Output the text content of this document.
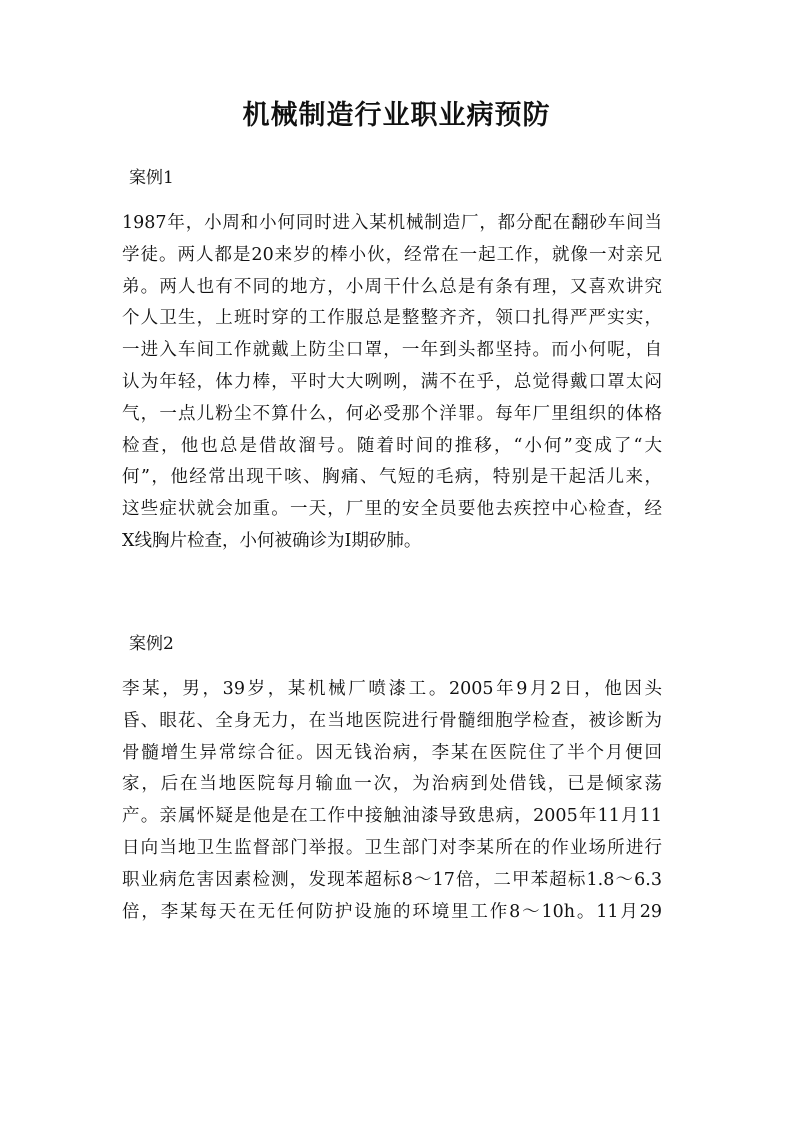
机械制造行业职业病预防
案例1
1987年，小周和小何同时进入某机械制造厂，都分配在翻砂车间当
学徒。两人都是20来岁的棒小伙，经常在一起工作，就像一对亲兄
弟。两人也有不同的地方，小周干什么总是有条有理，又喜欢讲究
个人卫生，上班时穿的工作服总是整整齐齐，领口扎得严严实实，
一进入车间工作就戴上防尘口罩，一年到头都坚持。而小何呢，自
认为年轻，体力棒，平时大大咧咧，满不在乎，总觉得戴口罩太闷
气，一点儿粉尘不算什么，何必受那个洋罪。每年厂里组织的体格
检查，他也总是借故溜号。随着时间的推移，“小何”变成了“大
何”，他经常出现干咳、胸痛、气短的毛病，特别是干起活儿来，
这些症状就会加重。一天，厂里的安全员要他去疾控中心检查，经
X线胸片检查，小何被确诊为I期矽肺。
案例2
李某，男，39岁，某机械厂喷漆工。2005年9月2日，他因头
昏、眼花、全身无力，在当地医院进行骨髓细胞学检查，被诊断为
骨髓增生异常综合征。因无钱治病，李某在医院住了半个月便回
家，后在当地医院每月输血一次，为治病到处借钱，已是倾家荡
产。亲属怀疑是他是在工作中接触油漆导致患病，2005年11月11
日向当地卫生监督部门举报。卫生部门对李某所在的作业场所进行
职业病危害因素检测，发现苯超标8～17倍，二甲苯超标1.8～6.3
倍，李某每天在无任何防护设施的环境里工作8～10h。11月29
